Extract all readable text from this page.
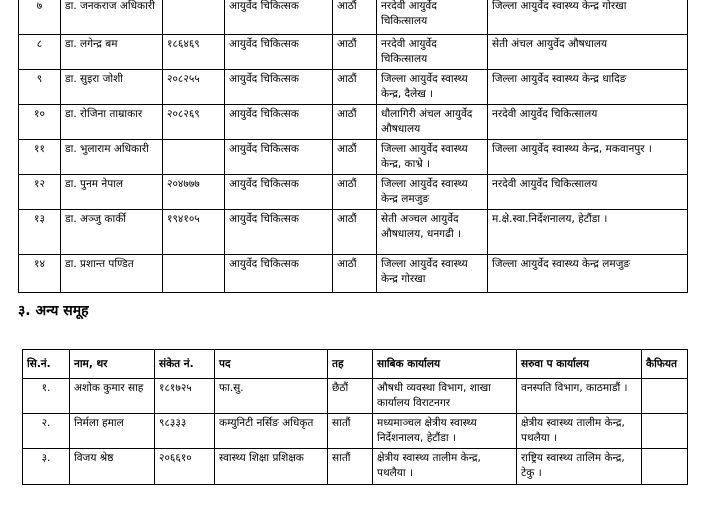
७	डा. जनकराज अधिकारी		आयुर्वेद चिकित्सक	आठौं	नरदेवी आयुर्वेद चिकित्सालय	जिल्ला आयुर्वेद स्वास्थ्य केन्द्र गोरखा
८	डा. लगेन्द्र बम	१८६४६९	आयुर्वेद चिकित्सक	आठौं	नरदेवी आयुर्वेद चिकित्सालय	सेती अंचल आयुर्वेद औषधालय
९	डा. सुइरा जोशी	२०८२५५	आयुर्वेद चिकित्सक	आठौं	जिल्ला आयुर्वेद स्वास्थ्य केन्द्र, दैलेख ।	जिल्ला आयुर्वेद स्वास्थ्य केन्द्र धादिङ
१०	डा. रोजिना ताम्राकार	२०८२६९	आयुर्वेद चिकित्सक	आठौं	धौलागिरी अंचल आयुर्वेद औषधालय	नरदेवी आयुर्वेद चिकित्सालय
११	डा. भुलाराम अधिकारी		आयुर्वेद चिकित्सक	आठौं	जिल्ला आयुर्वेद स्वास्थ्य केन्द्र, काभ्रे ।	जिल्ला आयुर्वेद स्वास्थ्य केन्द्र, मकवानपुर ।
१२	डा. पुनम नेपाल	२०४७७७	आयुर्वेद चिकित्सक	आठौं	जिल्ला आयुर्वेद स्वास्थ्य केन्द्र लमजुङ	नरदेवी आयुर्वेद चिकित्सालय
१३	डा. अञ्जु कार्की	१९४१०५	आयुर्वेद चिकित्सक	आठौं	सेती अञ्चल आयुर्वेद औषधालय, धनगढी ।	म.क्षे.स्वा.निर्देशनालय, हेटौंडा ।
१४	डा. प्रशान्त पण्डित		आयुर्वेद चिकित्सक	आठौं	जिल्ला आयुर्वेद स्वास्थ्य केन्द्र गोरखा	जिल्ला आयुर्वेद स्वास्थ्य केन्द्र लमजुङ
३. अन्य समूह
सि.नं.	नाम, थर	संकेत नं.	पद	तह	साबिक कार्यालय	सरुवा प कार्यालय	कैफियत
१.	अशोक कुमार साह	१८१७२५	फा.सु.	छैठौं	औषधी व्यवस्था विभाग, शाखा कार्यालय विराटनगर	वनस्पति विभाग, काठमाडौं ।	
२.	निर्मला हमाल	९८३३३	कम्युनिटी नर्सिङ अधिकृत	सातौं	मध्यमाञ्चल क्षेत्रीय स्वास्थ्य निर्देशनालय, हेटौंडा ।	क्षेत्रीय स्वास्थ्य तालीम केन्द्र, पथलैया ।	
३.	विजय श्रेष्ठ	२०६६१०	स्वास्थ्य शिक्षा प्रशिक्षक	सातौं	क्षेत्रीय स्वास्थ्य तालीम केन्द्र, पथलैया ।	राष्ट्रिय स्वास्थ्य तालिम केन्द्र, टेकु ।	
